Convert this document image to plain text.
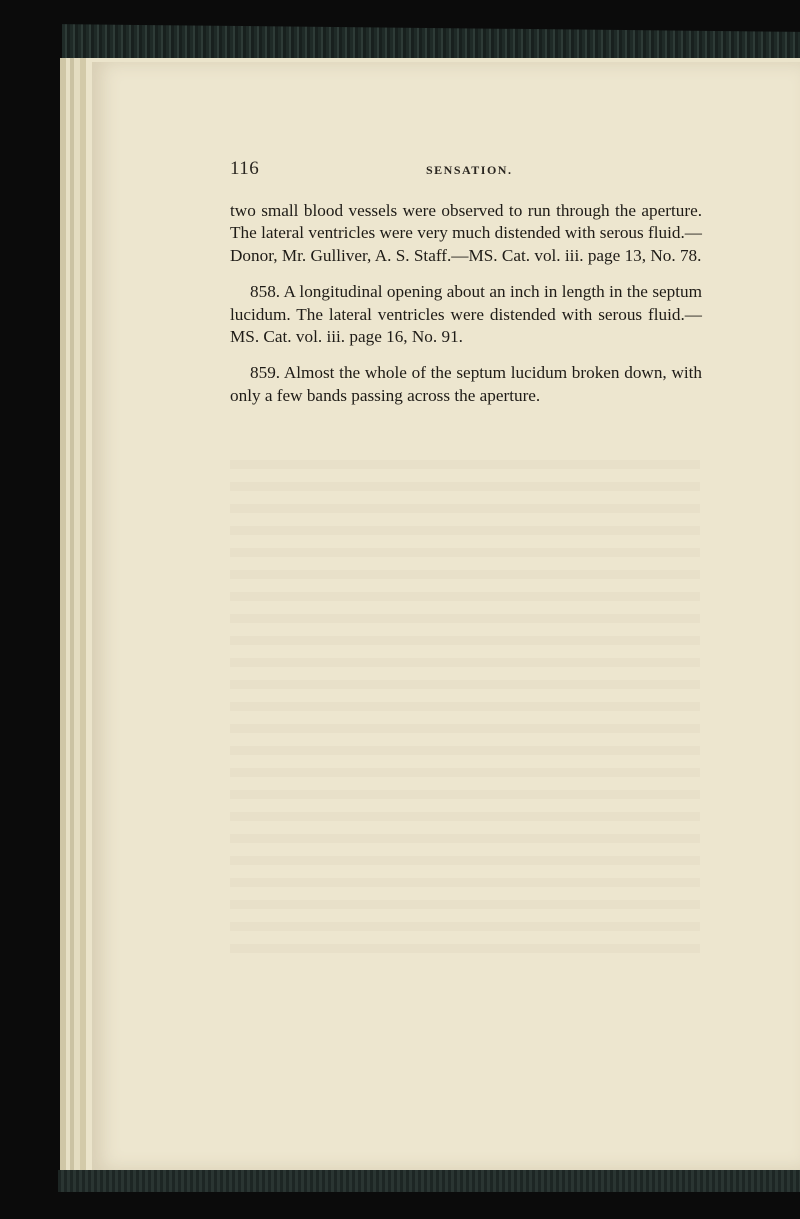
116	SENSATION.

two small blood vessels were observed to run through the aperture. The lateral ventricles were very much distended with serous fluid.—Donor, Mr. Gulliver, A. S. Staff.—MS. Cat. vol. iii. page 13, No. 78.

858. A longitudinal opening about an inch in length in the septum lucidum. The lateral ventricles were distended with serous fluid.—MS. Cat. vol. iii. page 16, No. 91.

859. Almost the whole of the septum lucidum broken down, with only a few bands passing across the aperture.
